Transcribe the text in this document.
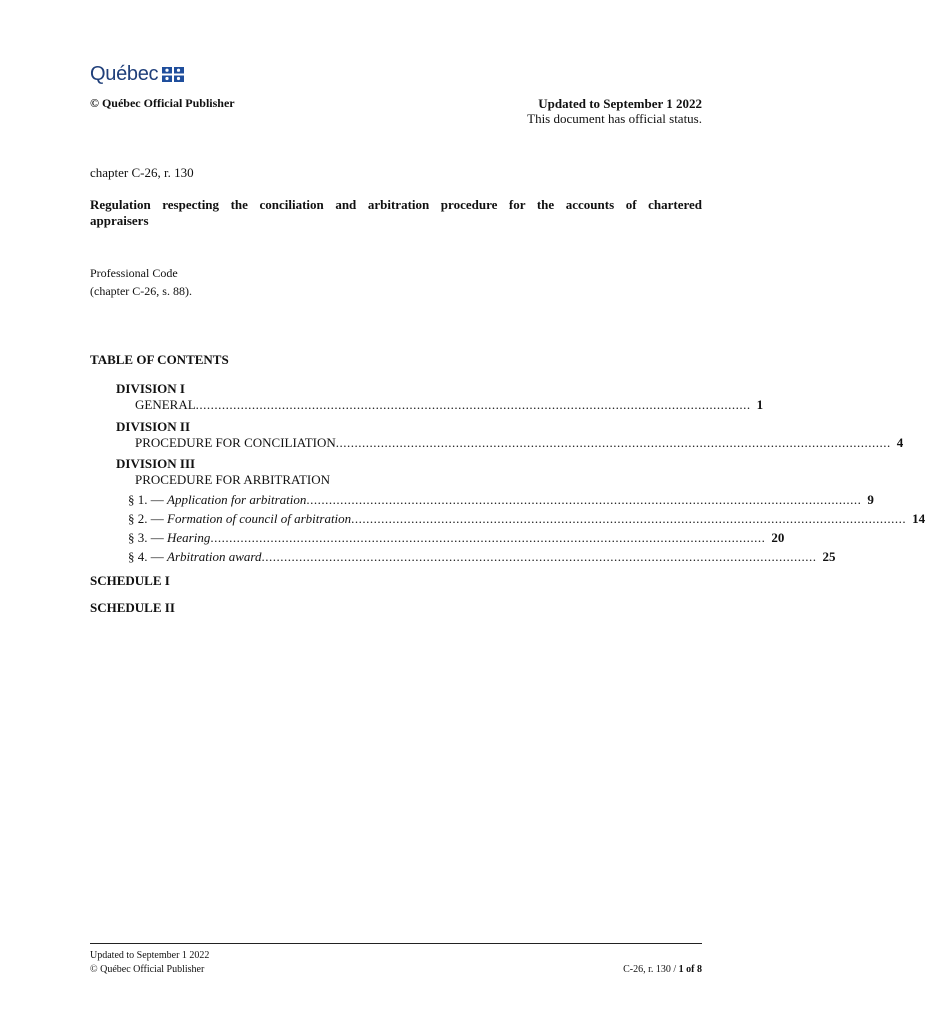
Québec
© Québec Official Publisher	Updated to September 1 2022
This document has official status.
chapter C-26, r. 130
Regulation respecting the conciliation and arbitration procedure for the accounts of chartered
appraisers
Professional Code
(chapter C-26, s. 88).
TABLE OF CONTENTS
DIVISION I
GENERAL .................................................................................................................................................... 1
DIVISION II
PROCEDURE FOR CONCILIATION .................................................................................................................................................... 4
DIVISION III
PROCEDURE FOR ARBITRATION
§ 1. — Application for arbitration .................................................................................................................................................... 9
§ 2. — Formation of council of arbitration .................................................................................................................................................... 14
§ 3. — Hearing .................................................................................................................................................... 20
§ 4. — Arbitration award .................................................................................................................................................... 25
SCHEDULE I
SCHEDULE II
Updated to September 1 2022
© Québec Official Publisher	C-26, r. 130 / 1 of 8
